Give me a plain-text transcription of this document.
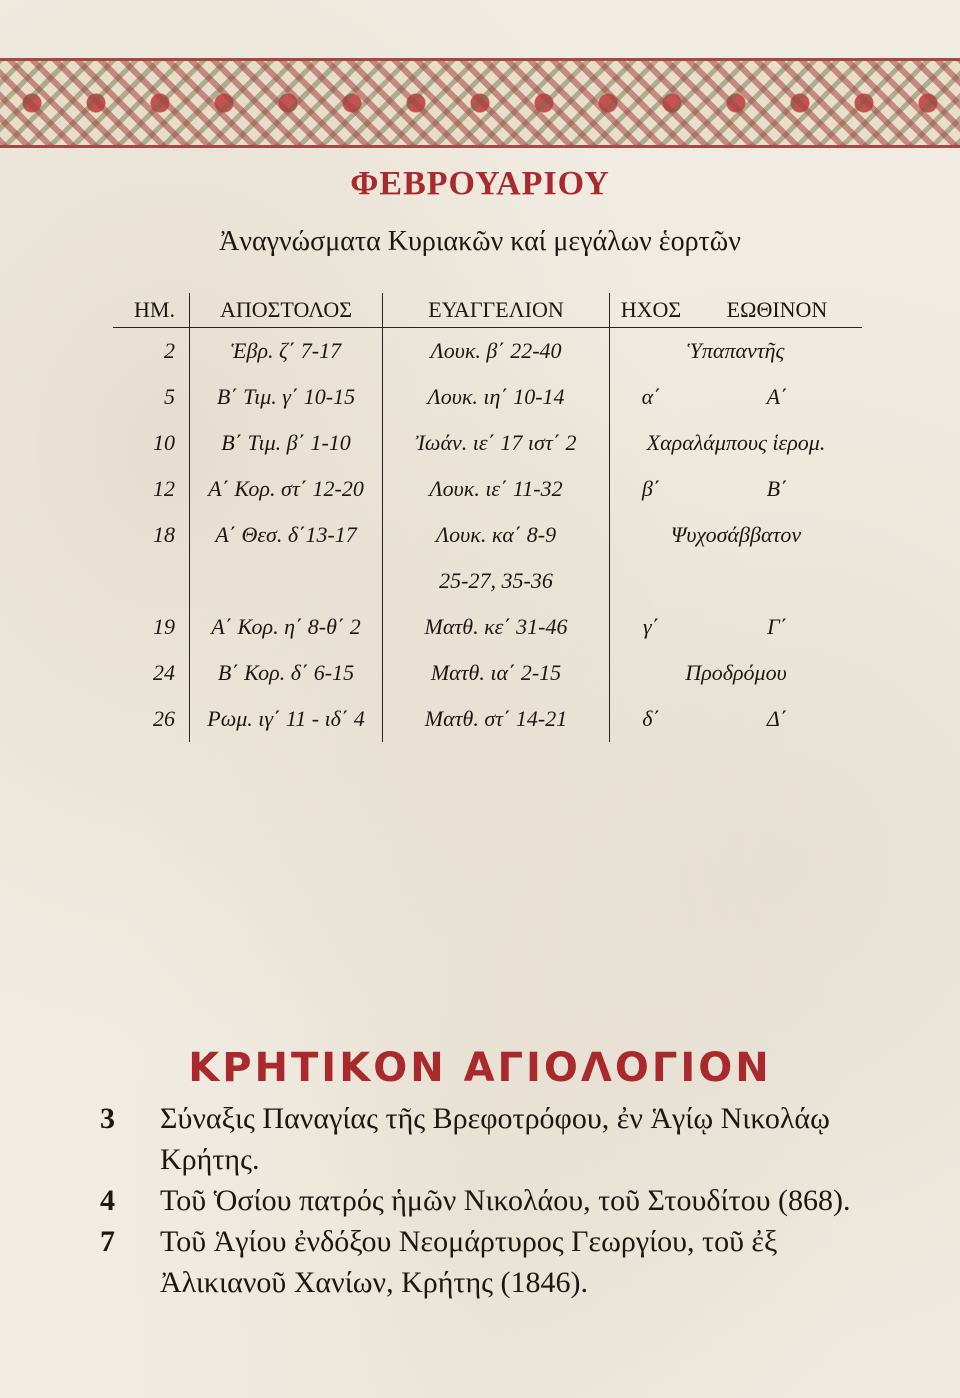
ΦΕΒΡΟΥΑΡΙΟΥ
Ἀναγνώσματα Κυριακῶν καί μεγάλων ἑορτῶν
ΗΜ.	ΑΠΟΣΤΟΛΟΣ	ΕΥΑΓΓΕΛΙΟΝ	ΗΧΟΣ	ΕΩΘΙΝΟΝ
2	Ἑβρ. ζ΄ 7-17	Λουκ. β΄ 22-40	Ὑπαπαντῆς	
5	Β΄ Τιμ. γ΄ 10-15	Λουκ. ιη΄ 10-14	α΄	Α΄
10	Β΄ Τιμ. β΄ 1-10	Ἰωάν. ιε΄ 17 ιστ΄ 2	Χαραλάμπους ἱερομ.	
12	Α΄ Κορ. στ΄ 12-20	Λουκ. ιε΄ 11-32	β΄	Β΄
18	Α΄ Θεσ. δ΄13-17	Λουκ. κα΄ 8-9	Ψυχοσάββατον	
		25-27, 35-36		
19	Α΄ Κορ. η΄ 8-θ΄ 2	Ματθ. κε΄ 31-46	γ΄	Γ΄
24	Β΄ Κορ. δ΄ 6-15	Ματθ. ια΄ 2-15	Προδρόμου	
26	Ρωμ. ιγ΄ 11 - ιδ΄ 4	Ματθ. στ΄ 14-21	δ΄	Δ΄
ΚΡΗΤΙΚΟΝ ΑΓΙΟΛΟΓΙΟΝ
3	Σύναξις Παναγίας τῆς Βρεφοτρόφου, ἐν Ἁγίῳ Νικολάῳ Κρήτης.
4	Τοῦ Ὁσίου πατρός ἡμῶν Νικολάου, τοῦ Στουδίτου (868).
7	Τοῦ Ἁγίου ἐνδόξου Νεομάρτυρος Γεωργίου, τοῦ ἐξ Ἀλικιανοῦ Χανίων, Κρήτης (1846).
